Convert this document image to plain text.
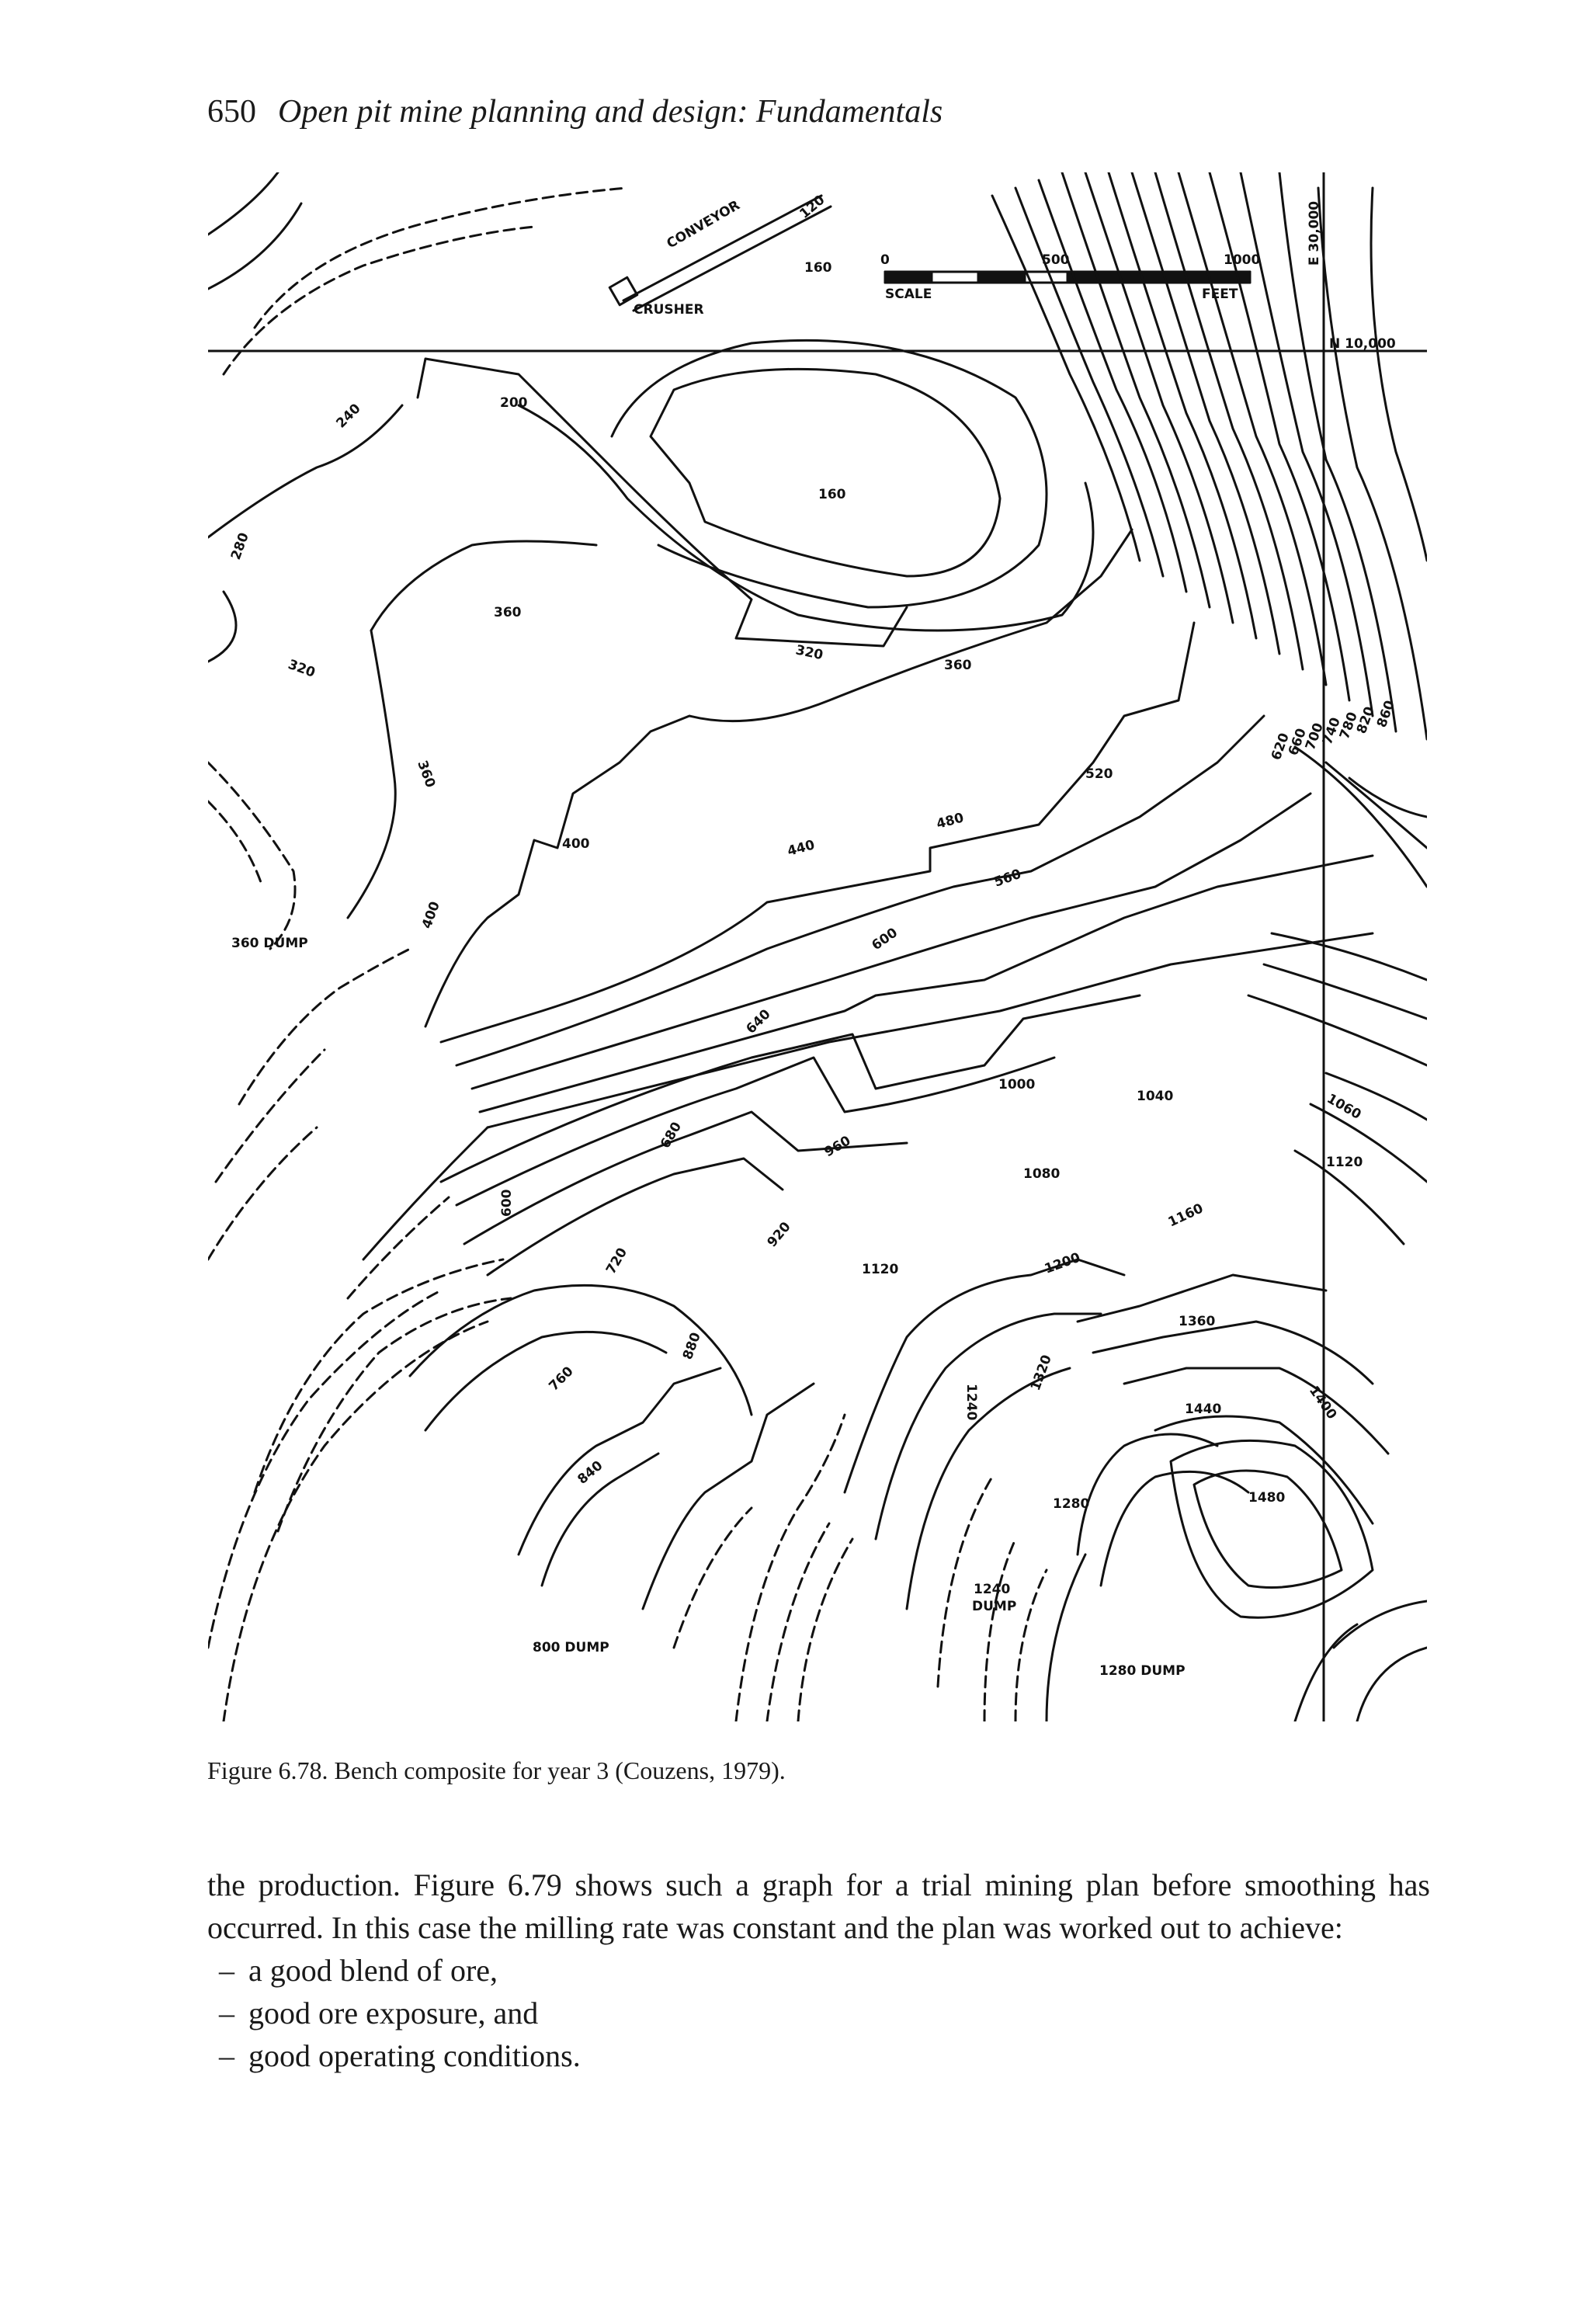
650 Open pit mine planning and design: Fundamentals
CONVEYOR
CRUSHER
0	500	1000
SCALE	FEET
E 30,000
N 10,000
360 DUMP
800 DUMP
1240
DUMP
1280 DUMP
120
160
200
240
280
320
360
160
320
360
360
400
400
440
480
520
560
600
620
660
700
740
780
820
860
640
680
600
720
760
840
880
920
960
1000
1040	1060
1080
1120
1120
1160
1200
1240
1280
1320
1360
1400
1440
1480
Figure 6.78. Bench composite for year 3 (Couzens, 1979).

the production. Figure 6.79 shows such a graph for a trial mining plan before smoothing has occurred. In this case the milling rate was constant and the plan was worked out to achieve:

– a good blend of ore,
– good ore exposure, and
– good operating conditions.
